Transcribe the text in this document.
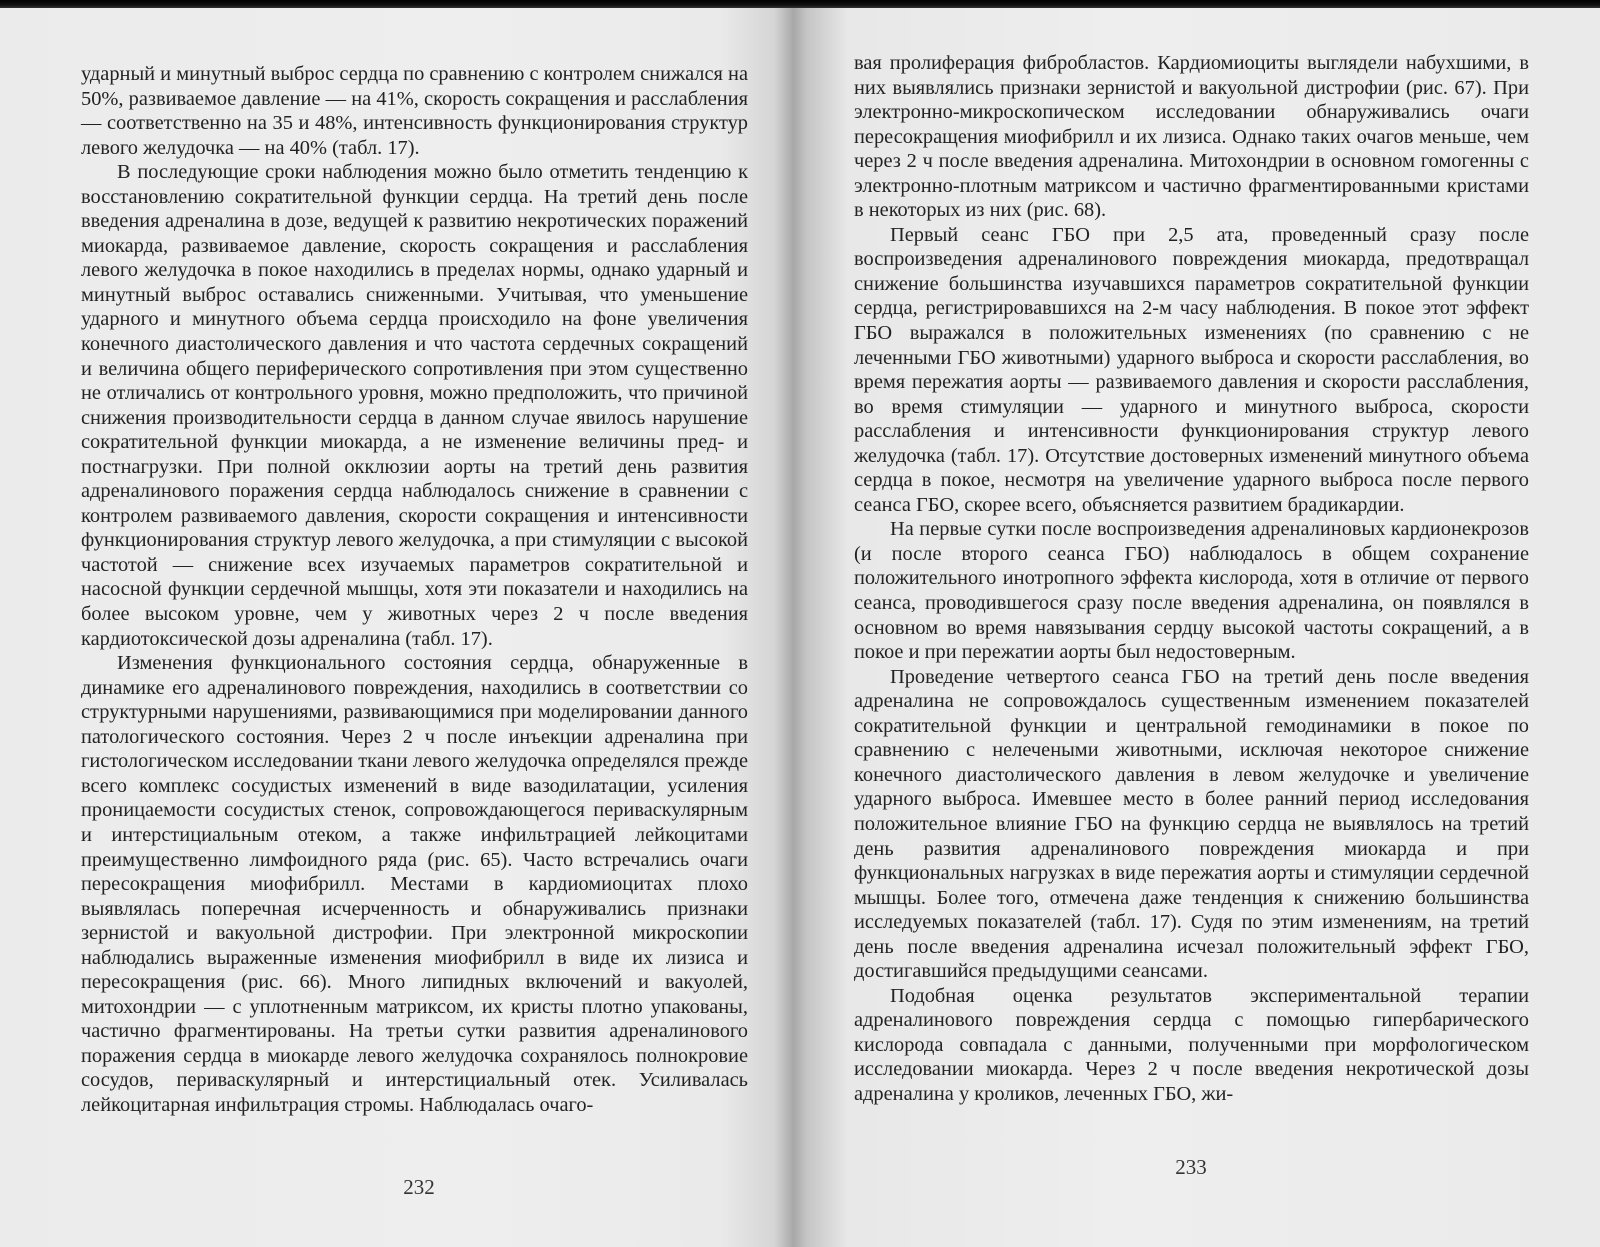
ударный и минутный выброс сердца по сравнению с контролем снижался на 50%, развиваемое давление — на 41%, скорость сокращения и расслабления — соответственно на 35 и 48%, интенсивность функционирования структур левого желудочка — на 40% (табл. 17).

В последующие сроки наблюдения можно было отметить тенденцию к восстановлению сократительной функции сердца. На третий день после введения адреналина в дозе, ведущей к развитию некротических поражений миокарда, развиваемое давление, скорость сокращения и расслабления левого желудочка в покое находились в пределах нормы, однако ударный и минутный выброс оставались сниженными. Учитывая, что уменьшение ударного и минутного объема сердца происходило на фоне увеличения конечного диастолического давления и что частота сердечных сокращений и величина общего периферического сопротивления при этом существенно не отличались от контрольного уровня, можно предположить, что причиной снижения производительности сердца в данном случае явилось нарушение сократительной функции миокарда, а не изменение величины пред- и постнагрузки. При полной окклюзии аорты на третий день развития адреналинового поражения сердца наблюдалось снижение в сравнении с контролем развиваемого давления, скорости сокращения и интенсивности функционирования структур левого желудочка, а при стимуляции с высокой частотой — снижение всех изучаемых параметров сократительной и насосной функции сердечной мышцы, хотя эти показатели и находились на более высоком уровне, чем у животных через 2 ч после введения кардиотоксической дозы адреналина (табл. 17).

Изменения функционального состояния сердца, обнаруженные в динамике его адреналинового повреждения, находились в соответствии со структурными нарушениями, развивающимися при моделировании данного патологического состояния. Через 2 ч после инъекции адреналина при гистологическом исследовании ткани левого желудочка определялся прежде всего комплекс сосудистых изменений в виде вазодилатации, усиления проницаемости сосудистых стенок, сопровождающегося периваскулярным и интерстициальным отеком, а также инфильтрацией лейкоцитами преимущественно лимфоидного ряда (рис. 65). Часто встречались очаги пересокращения миофибрилл. Местами в кардиомиоцитах плохо выявлялась поперечная исчерченность и обнаруживались признаки зернистой и вакуольной дистрофии. При электронной микроскопии наблюдались выраженные изменения миофибрилл в виде их лизиса и пересокращения (рис. 66). Много липидных включений и вакуолей, митохондрии — с уплотненным матриксом, их кристы плотно упакованы, частично фрагментированы. На третьи сутки развития адреналинового поражения сердца в миокарде левого желудочка сохранялось полнокровие сосудов, периваскулярный и интерстициальный отек. Усиливалась лейкоцитарная инфильтрация стромы. Наблюдалась очаго-

232

вая пролиферация фибробластов. Кардиомиоциты выглядели набухшими, в них выявлялись признаки зернистой и вакуольной дистрофии (рис. 67). При электронно-микроскопическом исследовании обнаруживались очаги пересокращения миофибрилл и их лизиса. Однако таких очагов меньше, чем через 2 ч после введения адреналина. Митохондрии в основном гомогенны с электронно-плотным матриксом и частично фрагментированными кристами в некоторых из них (рис. 68).

Первый сеанс ГБО при 2,5 ата, проведенный сразу после воспроизведения адреналинового повреждения миокарда, предотвращал снижение большинства изучавшихся параметров сократительной функции сердца, регистрировавшихся на 2-м часу наблюдения. В покое этот эффект ГБО выражался в положительных изменениях (по сравнению с не леченными ГБО животными) ударного выброса и скорости расслабления, во время пережатия аорты — развиваемого давления и скорости расслабления, во время стимуляции — ударного и минутного выброса, скорости расслабления и интенсивности функционирования структур левого желудочка (табл. 17). Отсутствие достоверных изменений минутного объема сердца в покое, несмотря на увеличение ударного выброса после первого сеанса ГБО, скорее всего, объясняется развитием брадикардии.

На первые сутки после воспроизведения адреналиновых кардионекрозов (и после второго сеанса ГБО) наблюдалось в общем сохранение положительного инотропного эффекта кислорода, хотя в отличие от первого сеанса, проводившегося сразу после введения адреналина, он появлялся в основном во время навязывания сердцу высокой частоты сокращений, а в покое и при пережатии аорты был недостоверным.

Проведение четвертого сеанса ГБО на третий день после введения адреналина не сопровождалось существенным изменением показателей сократительной функции и центральной гемодинамики в покое по сравнению с нелечеными животными, исключая некоторое снижение конечного диастолического давления в левом желудочке и увеличение ударного выброса. Имевшее место в более ранний период исследования положительное влияние ГБО на функцию сердца не выявлялось на третий день развития адреналинового повреждения миокарда и при функциональных нагрузках в виде пережатия аорты и стимуляции сердечной мышцы. Более того, отмечена даже тенденция к снижению большинства исследуемых показателей (табл. 17). Судя по этим изменениям, на третий день после введения адреналина исчезал положительный эффект ГБО, достигавшийся предыдущими сеансами.

Подобная оценка результатов экспериментальной терапии адреналинового повреждения сердца с помощью гипербарического кислорода совпадала с данными, полученными при морфологическом исследовании миокарда. Через 2 ч после введения некротической дозы адреналина у кроликов, леченных ГБО, жи-

233
